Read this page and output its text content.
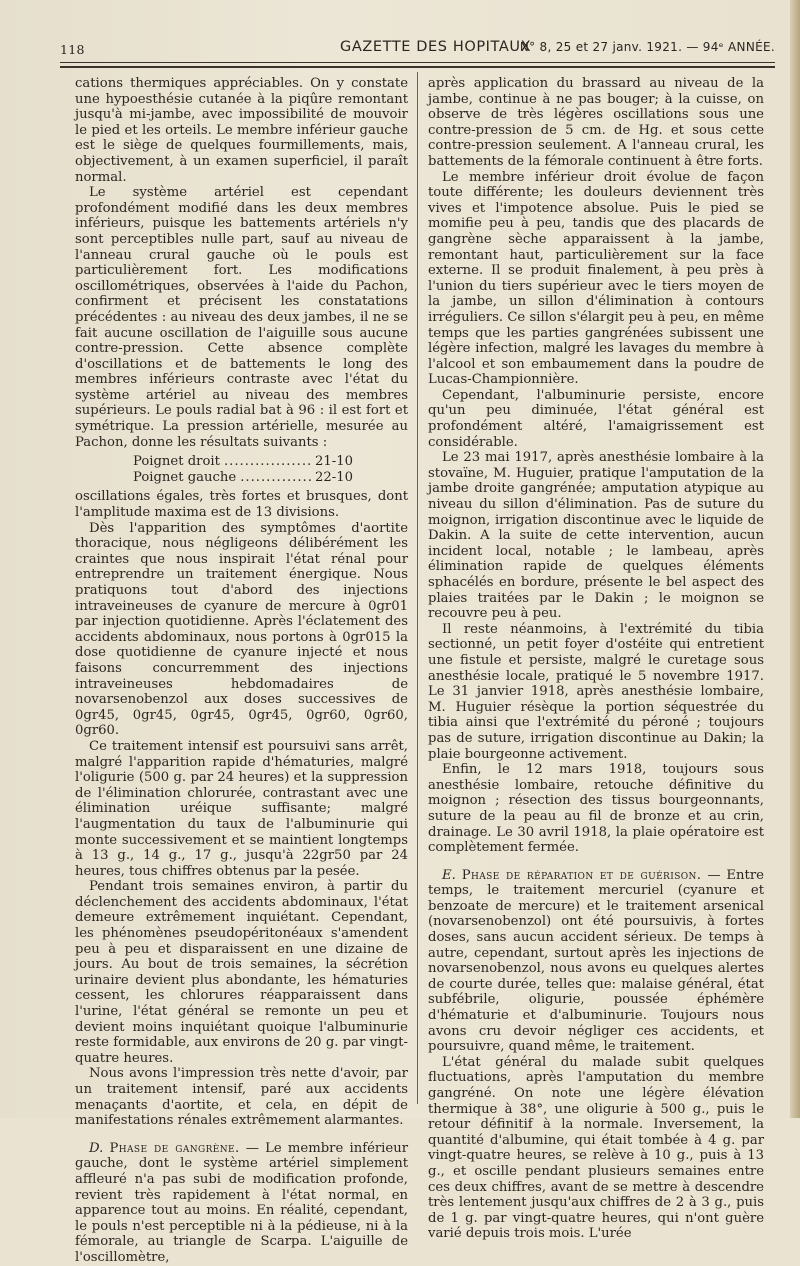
118	GAZETTE DES HOPITAUX
N° 8, 25 et 27 janv. 1921. — 94ᵉ ANNÉE.

cations thermiques appréciables. On y constate une hypoesthésie cutanée à la piqûre remontant jusqu'à mi-jambe, avec impossibilité de mouvoir le pied et les orteils. Le membre inférieur gauche est le siège de quelques fourmillements, mais, objectivement, à un examen superficiel, il paraît normal.

Le système artériel est cependant profondément modifié dans les deux membres inférieurs, puisque les battements artériels n'y sont perceptibles nulle part, sauf au niveau de l'anneau crural gauche où le pouls est particulièrement fort. Les modifications oscillométriques, observées à l'aide du Pachon, confirment et précisent les constatations précédentes : au niveau des deux jambes, il ne se fait aucune oscillation de l'aiguille sous aucune contre-pression. Cette absence complète d'oscillations et de battements le long des membres inférieurs contraste avec l'état du système artériel au niveau des membres supérieurs. Le pouls radial bat à 96 : il est fort et symétrique. La pression artérielle, mesurée au Pachon, donne les résultats suivants :

Poignet droit .....	21-10
Poignet gauche .....	22-10

oscillations égales, très fortes et brusques, dont l'amplitude maxima est de 13 divisions.

Dès l'apparition des symptômes d'aortite thoracique, nous négligeons délibérément les craintes que nous inspirait l'état rénal pour entreprendre un traitement énergique. Nous pratiquons tout d'abord des injections intraveineuses de cyanure de mercure à 0gr01 par injection quotidienne. Après l'éclatement des accidents abdominaux, nous portons à 0gr015 la dose quotidienne de cyanure injecté et nous faisons concurremment des injections intraveineuses hebdomadaires de novarsenobenzol aux doses successives de 0gr45, 0gr45, 0gr45, 0gr45, 0gr60, 0gr60, 0gr60.

Ce traitement intensif est poursuivi sans arrêt, malgré l'apparition rapide d'hématuries, malgré l'oligurie (500 g. par 24 heures) et la suppression de l'élimination chlorurée, contrastant avec une élimination uréique suffisante; malgré l'augmentation du taux de l'albuminurie qui monte successivement et se maintient longtemps à 13 g., 14 g., 17 g., jusqu'à 22gr50 par 24 heures, tous chiffres obtenus par la pesée.

Pendant trois semaines environ, à partir du déclenchement des accidents abdominaux, l'état demeure extrêmement inquiétant. Cependant, les phénomènes pseudopéritonéaux s'amendent peu à peu et disparaissent en une dizaine de jours. Au bout de trois semaines, la sécrétion urinaire devient plus abondante, les hématuries cessent, les chlorures réapparaissent dans l'urine, l'état général se remonte un peu et devient moins inquiétant quoique l'albuminurie reste formidable, aux environs de 20 g. par vingt-quatre heures.

Nous avons l'impression très nette d'avoir, par un traitement intensif, paré aux accidents menaçants d'aortite, et cela, en dépit de manifestations rénales extrêmement alarmantes.

D. Phase de gangrène. — Le membre inférieur gauche, dont le système artériel simplement affleuré n'a pas subi de modification profonde, revient très rapidement à l'état normal, en apparence tout au moins. En réalité, cependant, le pouls n'est perceptible ni à la pédieuse, ni à la fémorale, au triangle de Scarpa. L'aiguille de l'oscillomètre,

après application du brassard au niveau de la jambe, continue à ne pas bouger; à la cuisse, on observe de très légères oscillations sous une contre-pression de 5 cm. de Hg. et sous cette contre-pression seulement. A l'anneau crural, les battements de la fémorale continuent à être forts.

Le membre inférieur droit évolue de façon toute différente; les douleurs deviennent très vives et l'impotence absolue. Puis le pied se momifie peu à peu, tandis que des placards de gangrène sèche apparaissent à la jambe, remontant haut, particulièrement sur la face externe. Il se produit finalement, à peu près à l'union du tiers supérieur avec le tiers moyen de la jambe, un sillon d'élimination à contours irréguliers. Ce sillon s'élargit peu à peu, en même temps que les parties gangrénées subissent une légère infection, malgré les lavages du membre à l'alcool et son embaumement dans la poudre de Lucas-Championnière.

Cependant, l'albuminurie persiste, encore qu'un peu diminuée, l'état général est profondément altéré, l'amaigrissement est considérable.

Le 23 mai 1917, après anesthésie lombaire à la stovaïne, M. Huguier, pratique l'amputation de la jambe droite gangrénée; amputation atypique au niveau du sillon d'élimination. Pas de suture du moignon, irrigation discontinue avec le liquide de Dakin. A la suite de cette intervention, aucun incident local, notable ; le lambeau, après élimination rapide de quelques éléments sphacélés en bordure, présente le bel aspect des plaies traitées par le Dakin ; le moignon se recouvre peu à peu.

Il reste néanmoins, à l'extrémité du tibia sectionné, un petit foyer d'ostéite qui entretient une fistule et persiste, malgré le curetage sous anesthésie locale, pratiqué le 5 novembre 1917. Le 31 janvier 1918, après anesthésie lombaire, M. Huguier résèque la portion séquestrée du tibia ainsi que l'extrémité du péroné ; toujours pas de suture, irrigation discontinue au Dakin; la plaie bourgeonne activement.

Enfin, le 12 mars 1918, toujours sous anesthésie lombaire, retouche définitive du moignon ; résection des tissus bourgeonnants, suture de la peau au fil de bronze et au crin, drainage. Le 30 avril 1918, la plaie opératoire est complètement fermée.

E. Phase de réparation et de guérison. — Entre temps, le traitement mercuriel (cyanure et benzoate de mercure) et le traitement arsenical (novarsenobenzol) ont été poursuivis, à fortes doses, sans aucun accident sérieux. De temps à autre, cependant, surtout après les injections de novarsenobenzol, nous avons eu quelques alertes de courte durée, telles que: malaise général, état subfébrile, oligurie, poussée éphémère d'hématurie et d'albuminurie. Toujours nous avons cru devoir négliger ces accidents, et poursuivre, quand même, le traitement.

L'état général du malade subit quelques fluctuations, après l'amputation du membre gangréné. On note une légère élévation thermique à 38°, une oligurie à 500 g., puis le retour définitif à la normale. Inversement, la quantité d'albumine, qui était tombée à 4 g. par vingt-quatre heures, se relève à 10 g., puis à 13 g., et oscille pendant plusieurs semaines entre ces deux chiffres, avant de se mettre à descendre très lentement jusqu'aux chiffres de 2 à 3 g., puis de 1 g. par vingt-quatre heures, qui n'ont guère varié depuis trois mois. L'urée
